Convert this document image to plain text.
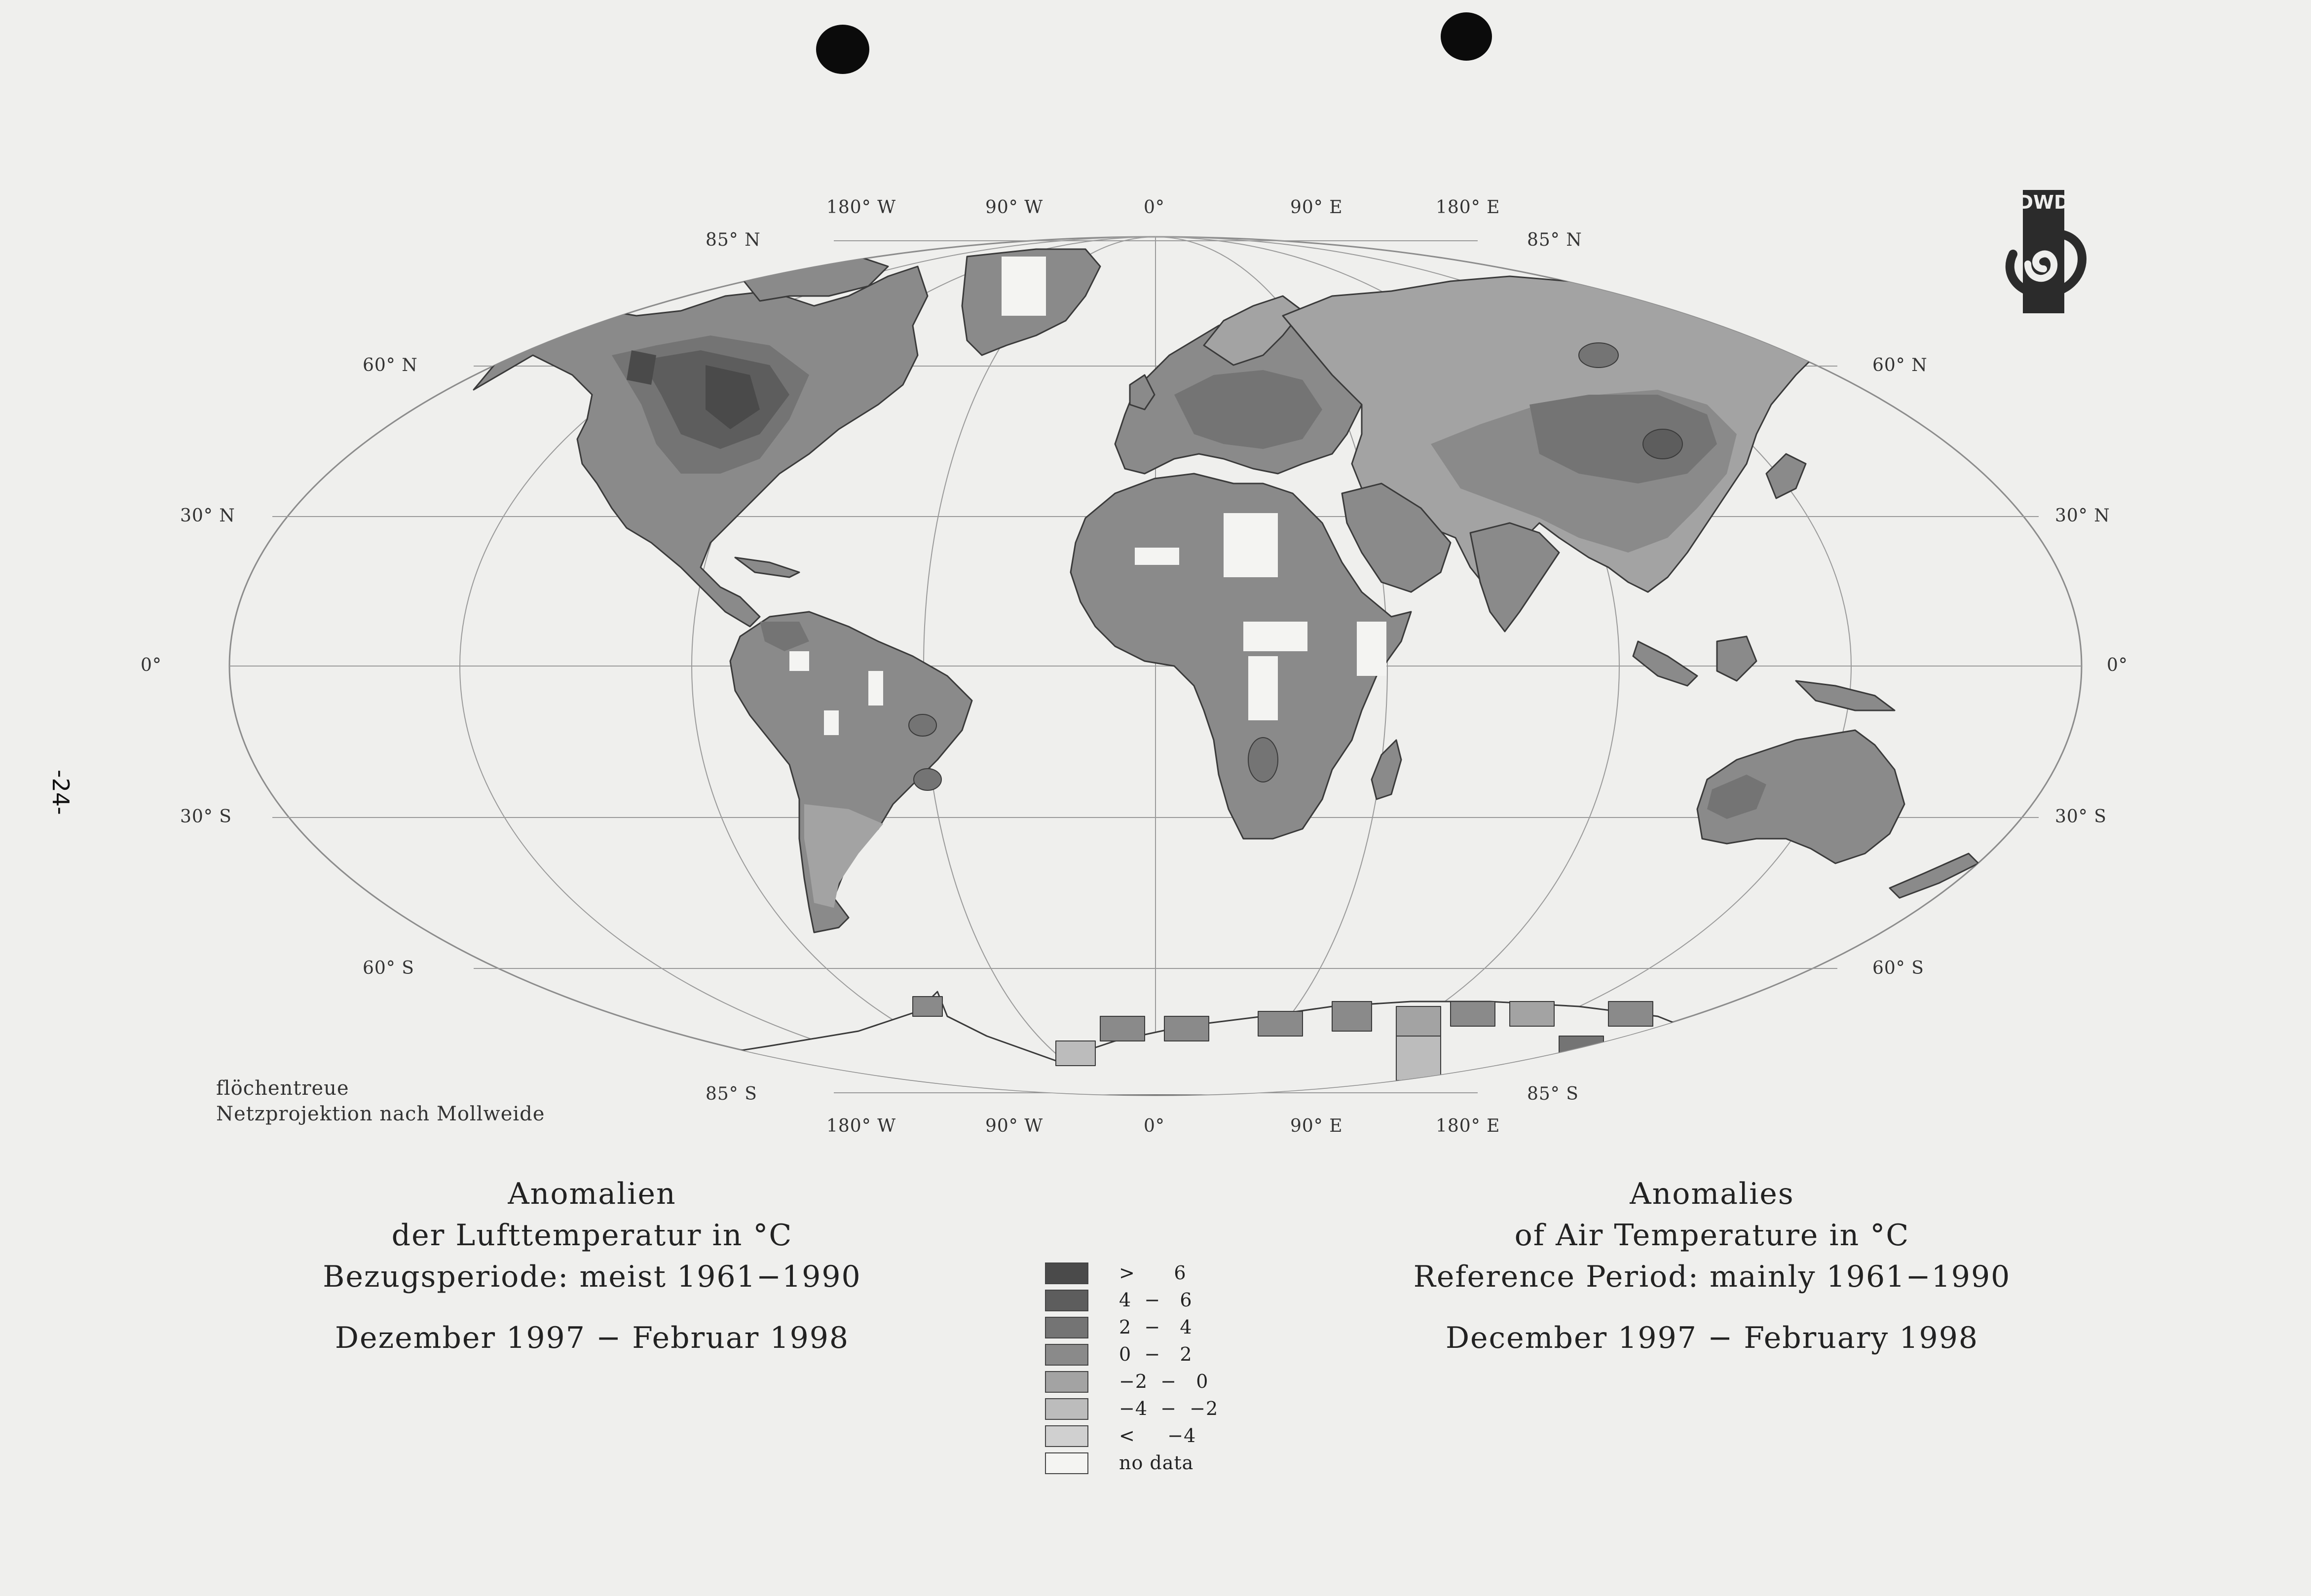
-24-
180° W	90° W	0°	90° E	180° E
180° W	90° W	0°	90° E	180° E
85° N
60° N
30° N
0°
30° S
60° S
85° S
85° N
60° N
30° N
0°
30° S
60° S
85° S
flöchentreue
Netzprojektion nach Mollweide
Anomalien
der Lufttemperatur in °C
Bezugsperiode: meist 1961−1990
Dezember 1997 − Februar 1998
Anomalies
of Air Temperature in °C
Reference Period: mainly 1961−1990
December 1997 − February 1998
>      6
4  −   6
2  −   4
0  −   2
−2  −   0
−4  −  −2
<     −4
no data
DWD
